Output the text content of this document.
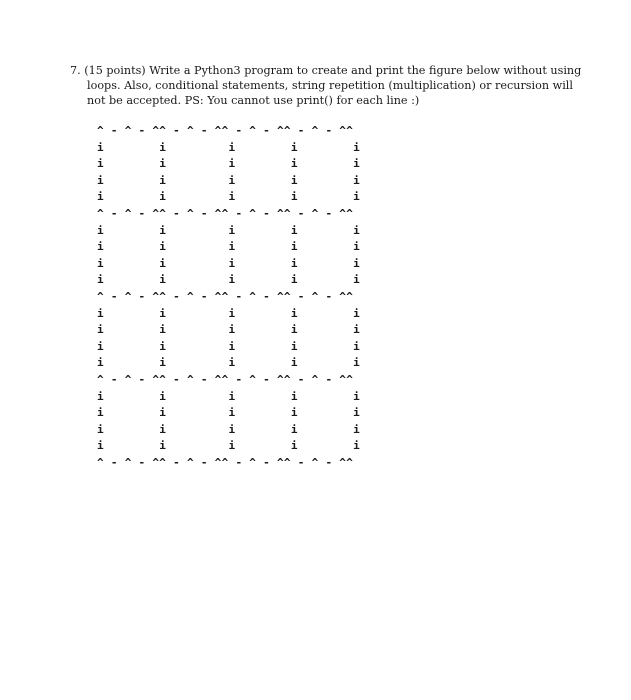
7. (15 points) Write a Python3 program to create and print the figure below without using
loops. Also, conditional statements, string repetition (multiplication) or recursion will
not be accepted. PS: You cannot use print() for each line :)
^ - ^ - ^^ - ^ - ^^ - ^ - ^^ - ^ - ^^
i        i         i        i        i
i        i         i        i        i
i        i         i        i        i
i        i         i        i        i
^ - ^ - ^^ - ^ - ^^ - ^ - ^^ - ^ - ^^
i        i         i        i        i
i        i         i        i        i
i        i         i        i        i
i        i         i        i        i
^ - ^ - ^^ - ^ - ^^ - ^ - ^^ - ^ - ^^
i        i         i        i        i
i        i         i        i        i
i        i         i        i        i
i        i         i        i        i
^ - ^ - ^^ - ^ - ^^ - ^ - ^^ - ^ - ^^
i        i         i        i        i
i        i         i        i        i
i        i         i        i        i
i        i         i        i        i
^ - ^ - ^^ - ^ - ^^ - ^ - ^^ - ^ - ^^
